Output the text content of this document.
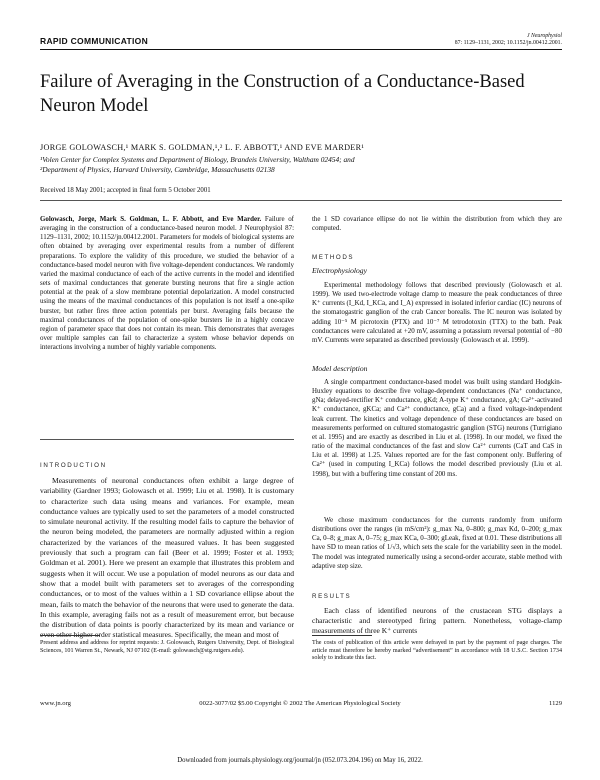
RAPID COMMUNICATION	J Neurophysiol
87: 1129–1131, 2002; 10.1152/jn.00412.2001.
Failure of Averaging in the Construction of a Conductance-Based Neuron Model
JORGE GOLOWASCH,¹ MARK S. GOLDMAN,¹,² L. F. ABBOTT,¹ AND EVE MARDER¹
¹Volen Center for Complex Systems and Department of Biology, Brandeis University, Waltham 02454; and
²Department of Physics, Harvard University, Cambridge, Massachusetts 02138
Received 18 May 2001; accepted in final form 5 October 2001
Golowasch, Jorge, Mark S. Goldman, L. F. Abbott, and Eve Marder. Failure of averaging in the construction of a conductance-based neuron model. J Neurophysiol 87: 1129–1131, 2002; 10.1152/jn.00412.2001. Parameters for models of biological systems are often obtained by averaging over experimental results from a number of different preparations. To explore the validity of this procedure, we studied the behavior of a conductance-based model neuron with five voltage-dependent conductances. We randomly varied the maximal conductance of each of the active currents in the model and identified sets of maximal conductances that generate bursting neurons that fire a single action potential at the peak of a slow membrane potential depolarization. A model constructed using the means of the maximal conductances of this population is not itself a one-spike burster, but rather fires three action potentials per burst. Averaging fails because the maximal conductances of the population of one-spike bursters lie in a highly concave region of parameter space that does not contain its mean. This demonstrates that averages over multiple samples can fail to characterize a system whose behavior depends on interactions involving a number of highly variable components.
INTRODUCTION
Measurements of neuronal conductances often exhibit a large degree of variability (Gardner 1993; Golowasch et al. 1999; Liu et al. 1998). It is customary to characterize such data using means and variances. For example, mean conductance values are typically used to set the parameters of a model constructed to simulate neuronal activity. If the resulting model fails to capture the behavior of the neuron being modeled, the parameters are normally adjusted within a region characterized by the variances of the measured values. It has been suggested previously that such a program can fail (Beer et al. 1999; Foster et al. 1993; Goldman et al. 2001). Here we present an example that illustrates this problem and suggests when it will occur. We use a population of model neurons as our data and show that a model built with parameters set to averages of the corresponding conductances, or to most of the values within a 1 SD covariance ellipse about the mean, fails to match the behavior of the neurons that were used to generate the data. In this example, averaging fails not as a result of measurement error, but because the distribution of data points is poorly characterized by its mean and variance or even other higher order statistical measures. Specifically, the mean and most of
Present address and address for reprint requests: J. Golowasch, Rutgers University, Dept. of Biological Sciences, 101 Warren St., Newark, NJ 07102 (E-mail: golowasch@stg.rutgers.edu).
the 1 SD covariance ellipse do not lie within the distribution from which they are computed.
METHODS
Electrophysiology
Experimental methodology follows that described previously (Golowasch et al. 1999). We used two-electrode voltage clamp to measure the peak conductances of three K⁺ currents (I_Kd, I_KCa, and I_A) expressed in isolated inferior cardiac (IC) neurons of the stomatogastric ganglion of the crab Cancer borealis. The IC neuron was isolated by adding 10⁻⁵ M picrotoxin (PTX) and 10⁻⁷ M tetrodotoxin (TTX) to the bath. Peak conductances were calculated at +20 mV, assuming a potassium reversal potential of −80 mV. Currents were separated as described previously (Golowasch et al. 1999).
Model description
A single compartment conductance-based model was built using standard Hodgkin-Huxley equations to describe five voltage-dependent conductances (Na⁺ conductance, gNa; delayed-rectifier K⁺ conductance, gKd; A-type K⁺ conductance, gA; Ca²⁺-activated K⁺ conductance, gKCa; and Ca²⁺ conductance, gCa) and a fixed voltage-independent leak current. The kinetics and voltage dependence of these conductances are based on measurements performed on cultured stomatogastric ganglion (STG) neurons (Turrigiano et al. 1995) and are exactly as described in Liu et al. (1998). In our model, we fixed the ratio of the maximal conductances of the fast and slow Ca²⁺ currents (CaT and CaS in Liu et al. 1998) at 1.25. Values reported are for the fast component only. Buffering of Ca²⁺ (used in computing I_KCa) follows the model described previously (Liu et al. 1998), but with a buffering time constant of 200 ms.
We chose maximum conductances for the currents randomly from uniform distributions over the ranges (in mS/cm²): g_max Na, 0–800; g_max Kd, 0–200; g_max Ca, 0–8; g_max A, 0–75; g_max KCa, 0–300; gLeak, fixed at 0.01. These distributions all have SD to mean ratios of 1/√3, which sets the scale for the variability seen in the model. The model was integrated numerically using a second-order accurate, stable method with adaptive step size.
RESULTS
Each class of identified neurons of the crustacean STG displays a characteristic and stereotyped firing pattern. Nonetheless, voltage-clamp measurements of three K⁺ currents
The costs of publication of this article were defrayed in part by the payment of page charges. The article must therefore be hereby marked “advertisement” in accordance with 18 U.S.C. Section 1734 solely to indicate this fact.
www.jn.org	0022-3077/02 $5.00 Copyright © 2002 The American Physiological Society	1129
Downloaded from journals.physiology.org/journal/jn (052.073.204.196) on May 16, 2022.
